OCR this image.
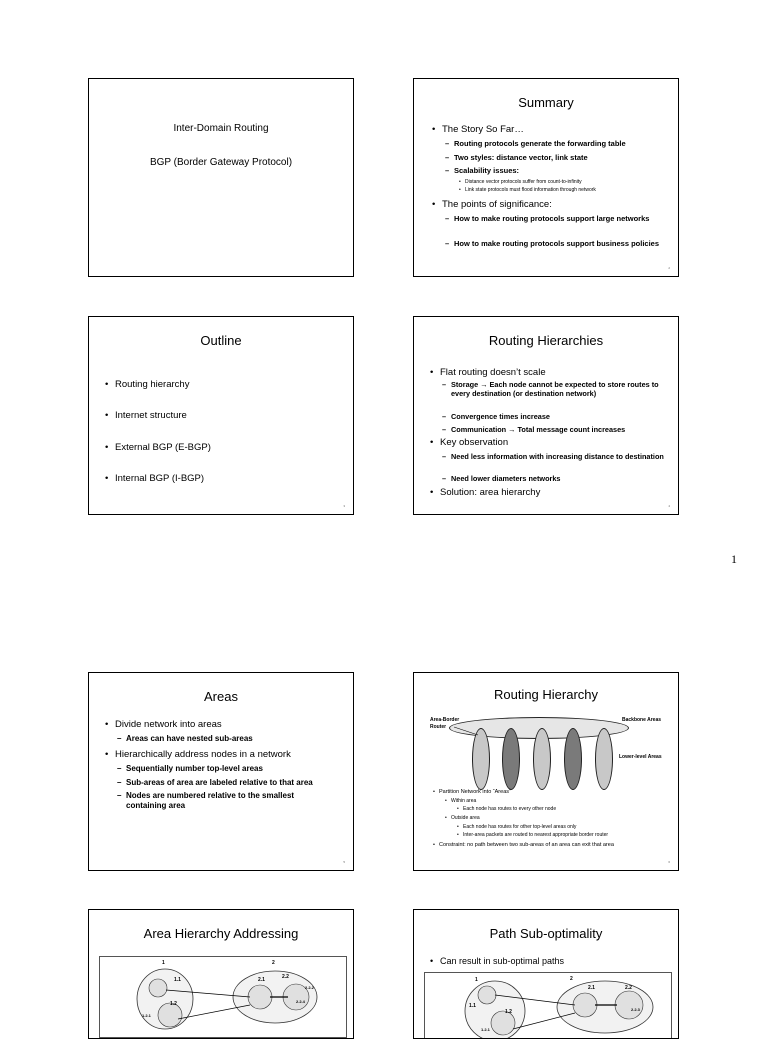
1
Inter-Domain Routing
BGP (Border Gateway Protocol)
Summary
• The Story So Far…
– Routing protocols generate the forwarding table
– Two styles: distance vector, link state
– Scalability issues:
• Distance vector protocols suffer from count-to-infinity
• Link state protocols must flood information through network
• The points of significance:
– How to make routing protocols support large networks
– How to make routing protocols support business policies
2
Outline
• Routing hierarchy
• Internet structure
• External BGP (E-BGP)
• Internal BGP (I-BGP)
3
Routing Hierarchies
• Flat routing doesn’t scale
– Storage → Each node cannot be expected to store routes to every destination (or destination network)
– Convergence times increase
– Communication → Total message count increases
• Key observation
– Need less information with increasing distance to destination
– Need lower diameters networks
• Solution: area hierarchy
4
Areas
• Divide network into areas
– Areas can have nested sub-areas
• Hierarchically address nodes in a network
– Sequentially number top-level areas
– Sub-areas of area are labeled relative to that area
– Nodes are numbered relative to the smallest containing area
5
Routing Hierarchy
Area-Border Router
Backbone Areas
Lower-level Areas
• Partition Network into “Areas”
• Within area
• Each node has routes to every other node
• Outside area
• Each node has routes for other top-level areas only
• Inter-area packets are routed to nearest appropriate border router
• Constraint: no path between two sub-areas of an area can exit that area
6
Area Hierarchy Addressing
1	2
1.1
1.2
1.2.1
2.1	2.2
2.2.2
2.2.4
Path Sub-optimality
• Can result in sub-optimal paths
1	2
1.1
1.2
1.2.1
2.1	2.2
2.2.3
